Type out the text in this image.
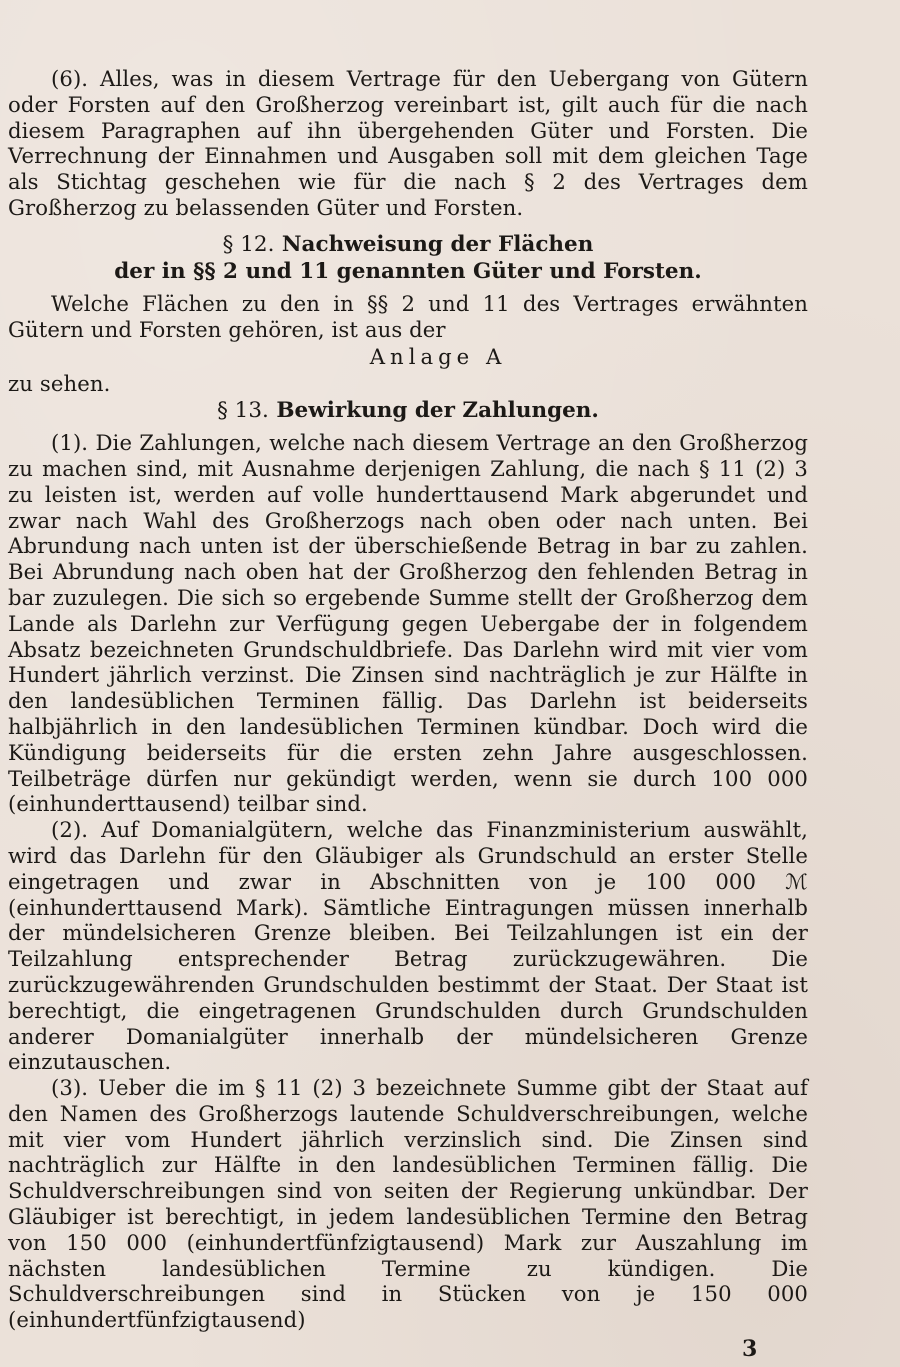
(6). Alles, was in diesem Vertrage für den Uebergang von Gütern oder Forsten auf den Großherzog vereinbart ist, gilt auch für die nach diesem Paragraphen auf ihn übergehenden Güter und Forsten. Die Verrechnung der Einnahmen und Ausgaben soll mit dem gleichen Tage als Stichtag geschehen wie für die nach § 2 des Vertrages dem Großherzog zu belassenden Güter und Forsten.

§ 12. Nachweisung der Flächen

der in §§ 2 und 11 genannten Güter und Forsten.

Welche Flächen zu den in §§ 2 und 11 des Vertrages erwähnten Gütern und Forsten gehören, ist aus der

Anlage A

zu sehen.

§ 13. Bewirkung der Zahlungen.

(1). Die Zahlungen, welche nach diesem Vertrage an den Großherzog zu machen sind, mit Ausnahme derjenigen Zahlung, die nach § 11 (2) 3 zu leisten ist, werden auf volle hunderttausend Mark abgerundet und zwar nach Wahl des Großherzogs nach oben oder nach unten. Bei Abrundung nach unten ist der überschießende Betrag in bar zu zahlen. Bei Abrundung nach oben hat der Großherzog den fehlenden Betrag in bar zuzulegen. Die sich so ergebende Summe stellt der Großherzog dem Lande als Darlehn zur Verfügung gegen Uebergabe der in folgendem Absatz bezeichneten Grundschuldbriefe. Das Darlehn wird mit vier vom Hundert jährlich verzinst. Die Zinsen sind nachträglich je zur Hälfte in den landesüblichen Terminen fällig. Das Darlehn ist beiderseits halbjährlich in den landesüblichen Terminen kündbar. Doch wird die Kündigung beiderseits für die ersten zehn Jahre ausgeschlossen. Teilbeträge dürfen nur gekündigt werden, wenn sie durch 100 000 (einhunderttausend) teilbar sind.

(2). Auf Domanialgütern, welche das Finanzministerium auswählt, wird das Darlehn für den Gläubiger als Grundschuld an erster Stelle eingetragen und zwar in Abschnitten von je 100 000 ℳ (einhunderttausend Mark). Sämtliche Eintragungen müssen innerhalb der mündelsicheren Grenze bleiben. Bei Teilzahlungen ist ein der Teilzahlung entsprechender Betrag zurückzugewähren. Die zurückzugewährenden Grundschulden bestimmt der Staat. Der Staat ist berechtigt, die eingetragenen Grundschulden durch Grundschulden anderer Domanialgüter innerhalb der mündelsicheren Grenze einzutauschen.

(3). Ueber die im § 11 (2) 3 bezeichnete Summe gibt der Staat auf den Namen des Großherzogs lautende Schuldverschreibungen, welche mit vier vom Hundert jährlich verzinslich sind. Die Zinsen sind nachträglich zur Hälfte in den landesüblichen Terminen fällig. Die Schuldverschreibungen sind von seiten der Regierung unkündbar. Der Gläubiger ist berechtigt, in jedem landesüblichen Termine den Betrag von 150 000 (einhundertfünfzigtausend) Mark zur Auszahlung im nächsten landesüblichen Termine zu kündigen. Die Schuldverschreibungen sind in Stücken von je 150 000 (einhundertfünfzigtausend)

3
